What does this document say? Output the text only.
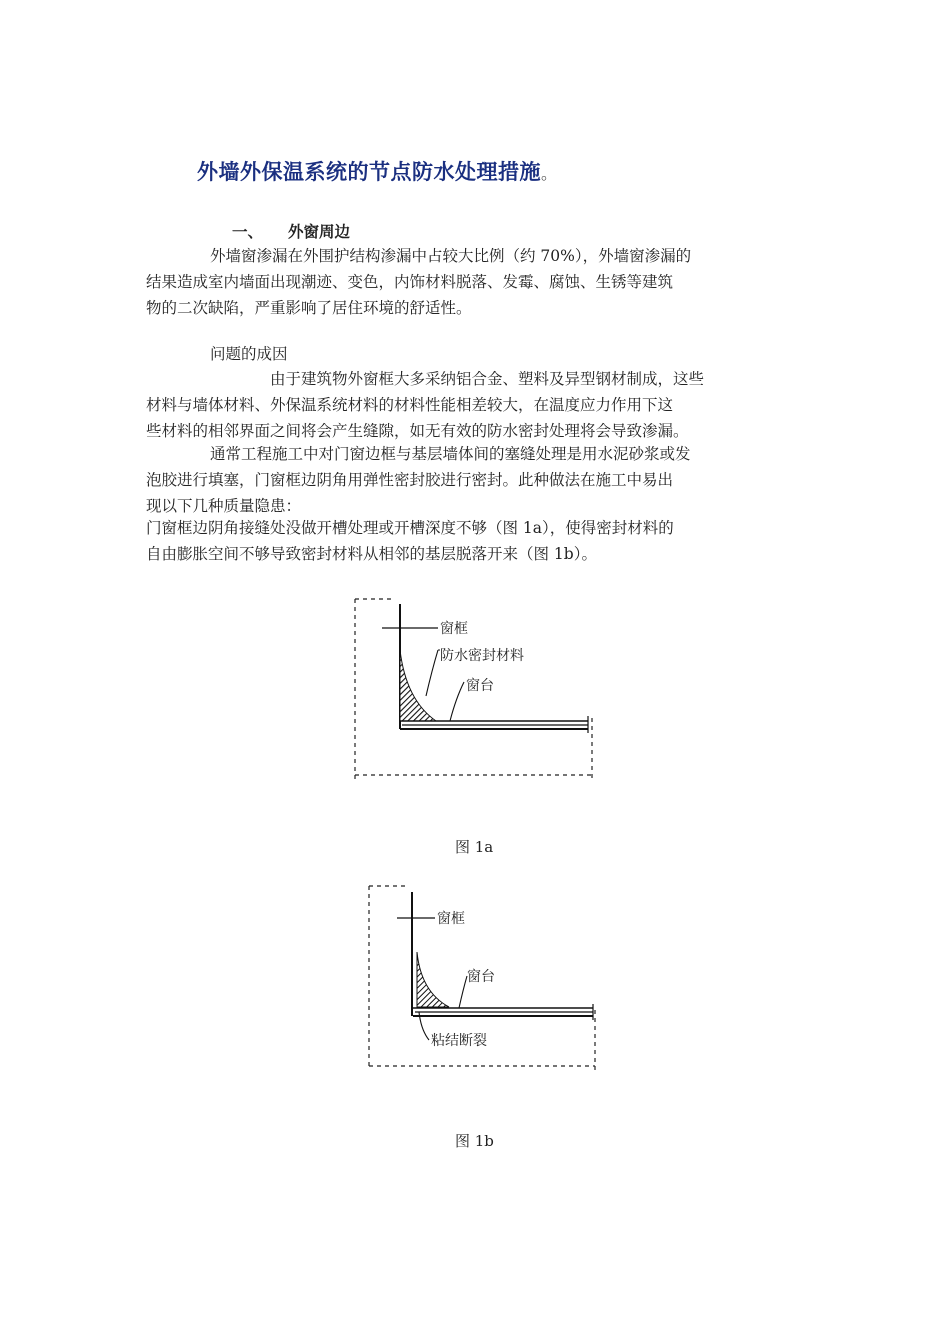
外墙外保温系统的节点防水处理措施。
一、 外窗周边

外墙窗渗漏在外围护结构渗漏中占较大比例（约 70%），外墙窗渗漏的

结果造成室内墙面出现潮迹、变色，内饰材料脱落、发霉、腐蚀、生锈等建筑

物的二次缺陷，严重影响了居住环境的舒适性。

问题的成因

由于建筑物外窗框大多采纳铝合金、塑料及异型钢材制成，这些

材料与墙体材料、外保温系统材料的材料性能相差较大，在温度应力作用下这

些材料的相邻界面之间将会产生缝隙，如无有效的防水密封处理将会导致渗漏。

通常工程施工中对门窗边框与基层墙体间的塞缝处理是用水泥砂浆或发

泡胶进行填塞，门窗框边阴角用弹性密封胶进行密封。此种做法在施工中易出

现以下几种质量隐患：

门窗框边阴角接缝处没做开槽处理或开槽深度不够（图 1a），使得密封材料的

自由膨胀空间不够导致密封材料从相邻的基层脱落开来（图 1b）。

窗框
防水密封材料
窗台
图 1a
窗框
窗台
粘结断裂
图 1b
